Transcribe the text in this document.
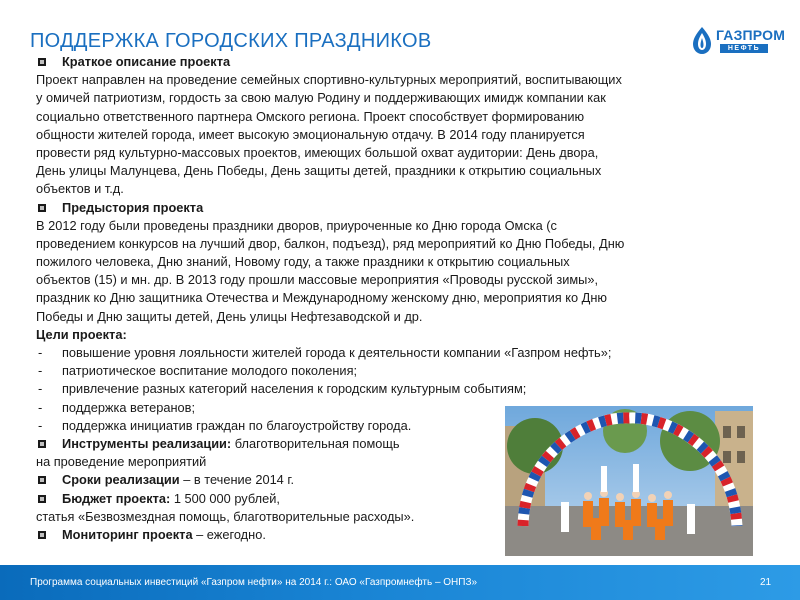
ПОДДЕРЖКА ГОРОДСКИХ ПРАЗДНИКОВ	ГАЗПРОМ
НЕФТЬ
Краткое описание проекта
Проект направлен на проведение семейных спортивно-культурных мероприятий, воспитывающих
у омичей патриотизм, гордость за свою малую Родину и поддерживающих имидж компании как
социально ответственного партнера Омского региона. Проект способствует формированию
общности жителей города, имеет высокую эмоциональную отдачу. В 2014 году планируется
провести ряд культурно-массовых проектов, имеющих большой охват аудитории: День двора,
День улицы Малунцева, День Победы, День защиты детей, праздники к открытию социальных
объектов и т.д.
Предыстория проекта
В 2012 году были проведены праздники дворов, приуроченные ко Дню города Омска (с
проведением конкурсов на лучший двор, балкон, подъезд), ряд мероприятий ко Дню Победы, Дню
пожилого человека, Дню знаний, Новому году, а также праздники к открытию социальных
объектов (15) и мн. др. В 2013 году прошли массовые мероприятия «Проводы русской зимы»,
праздник ко Дню защитника Отечества и Международному женскому дню, мероприятия ко Дню
Победы и Дню защиты детей, День улицы Нефтезаводской и др.
Цели проекта:
- повышение уровня лояльности жителей города к деятельности компании «Газпром нефть»;
- патриотическое воспитание молодого поколения;
- привлечение разных категорий населения к городским культурным событиям;
- поддержка ветеранов;
- поддержка инициатив граждан по благоустройству города.
Инструменты реализации: благотворительная помощь
на проведение мероприятий
Сроки реализации – в течение 2014 г.
Бюджет проекта: 1 500 000 рублей,
статья «Безвозмездная помощь, благотворительные расходы».
Мониторинг проекта – ежегодно.
Программа социальных инвестиций «Газпром нефти» на 2014 г.: ОАО «Газпромнефть – ОНПЗ»	21
